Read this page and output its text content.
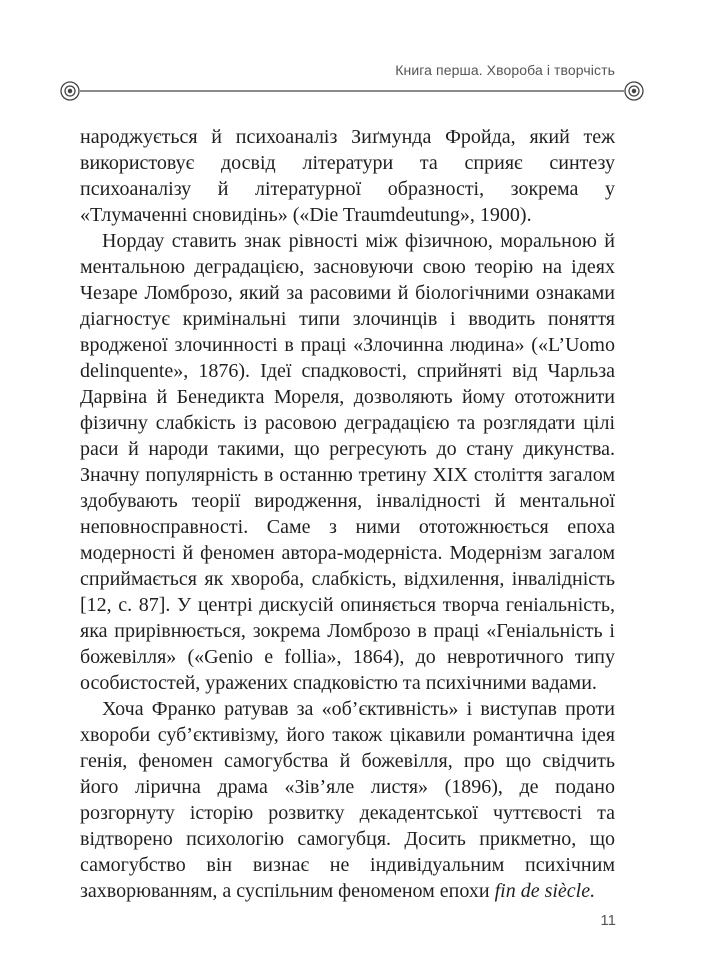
Книга перша. Хвороба і творчість

народжується й психоаналіз Зиґмунда Фройда, який теж використовує досвід літератури та сприяє синтезу психоаналізу й літературної образності, зокрема у «Тлумаченні сновидінь» («Die Traumdeutung», 1900).

Нордау ставить знак рівності між фізичною, моральною й ментальною деградацією, засновуючи свою теорію на ідеях Чезаре Ломброзо, який за расовими й біологічними ознаками діагностує кримінальні типи злочинців і вводить поняття вродженої злочинності в праці «Злочинна людина» («L’Uomo delinquente», 1876). Ідеї спадковості, сприйняті від Чарльза Дарвіна й Бенедикта Мореля, дозволяють йому ототожнити фізичну слабкість із расовою деградацією та розглядати цілі раси й народи такими, що регресують до стану дикунства. Значну популярність в останню третину XIX століття загалом здобувають теорії виродження, інвалідності й ментальної неповносправності. Саме з ними ототожнюється епоха модерності й феномен автора-модерніста. Модернізм загалом сприймається як хвороба, слабкість, відхилення, інвалідність [12, с. 87]. У центрі дискусій опиняється творча геніальність, яка прирівнюється, зокрема Ломброзо в праці «Геніальність і божевілля» («Genio e follia», 1864), до невротичного типу особистостей, уражених спадковістю та психічними вадами.

Хоча Франко ратував за «об’єктивність» і виступав проти хвороби суб’єктивізму, його також цікавили романтична ідея генія, феномен самогубства й божевілля, про що свідчить його лірична драма «Зів’яле листя» (1896), де подано розгорнуту історію розвитку декадентської чуттєвості та відтворено психологію самогубця. Досить прикметно, що самогубство він визнає не індивідуальним психічним захворюванням, а суспільним феноменом епохи fin de siècle.

11
